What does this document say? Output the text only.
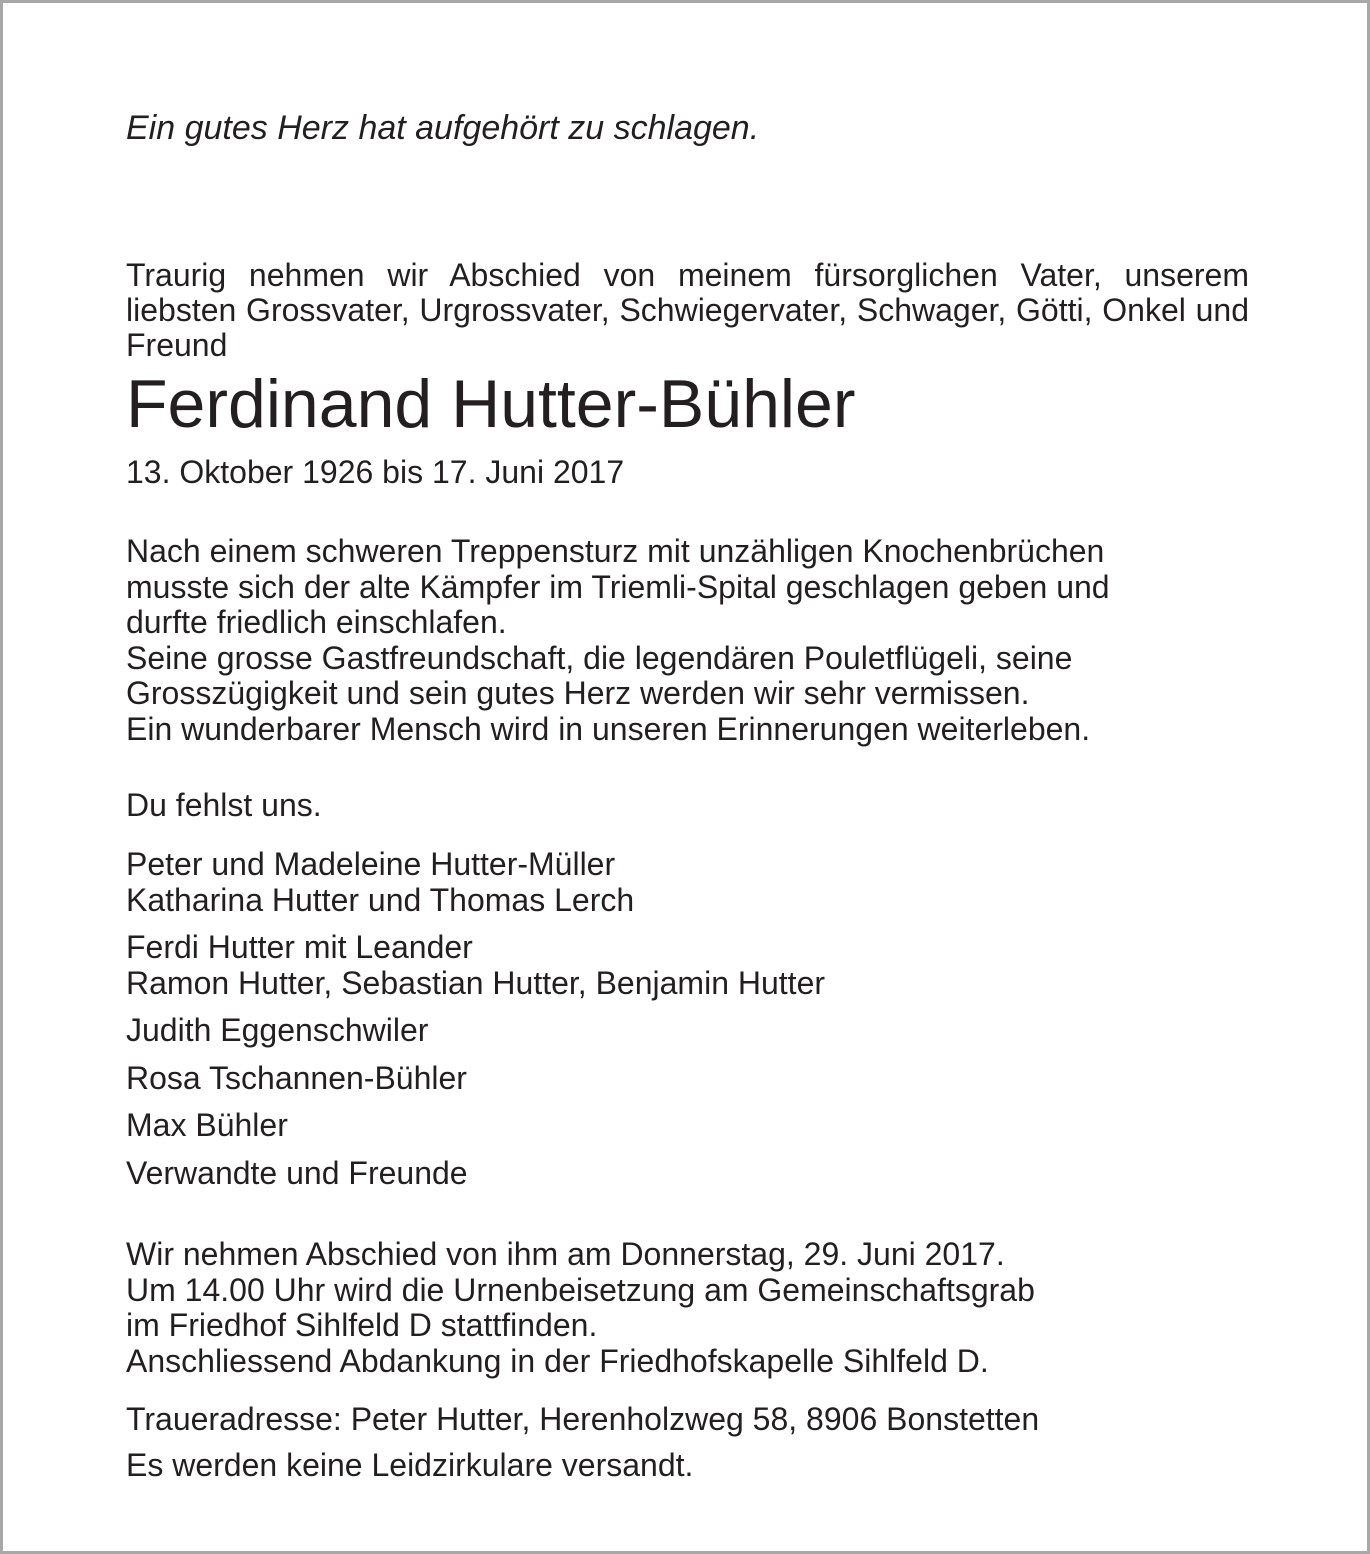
Ein gutes Herz hat aufgehört zu schlagen.

Traurig nehmen wir Abschied von meinem fürsorglichen Vater, unserem liebsten Grossvater, Urgrossvater, Schwiegervater, Schwager, Götti, Onkel und Freund

Ferdinand Hutter-Bühler

13. Oktober 1926 bis 17. Juni 2017

Nach einem schweren Treppensturz mit unzähligen Knochenbrüchen
musste sich der alte Kämpfer im Triemli-Spital geschlagen geben und
durfte friedlich einschlafen.
Seine grosse Gastfreundschaft, die legendären Pouletflügeli, seine
Grosszügigkeit und sein gutes Herz werden wir sehr vermissen.
Ein wunderbarer Mensch wird in unseren Erinnerungen weiterleben.

Du fehlst uns.

Peter und Madeleine Hutter-Müller
Katharina Hutter und Thomas Lerch
Ferdi Hutter mit Leander
Ramon Hutter, Sebastian Hutter, Benjamin Hutter
Judith Eggenschwiler
Rosa Tschannen-Bühler
Max Bühler
Verwandte und Freunde

Wir nehmen Abschied von ihm am Donnerstag, 29. Juni 2017.
Um 14.00 Uhr wird die Urnenbeisetzung am Gemeinschaftsgrab
im Friedhof Sihlfeld D stattfinden.
Anschliessend Abdankung in der Friedhofskapelle Sihlfeld D.

Traueradresse: Peter Hutter, Herenholzweg 58, 8906 Bonstetten

Es werden keine Leidzirkulare versandt.
